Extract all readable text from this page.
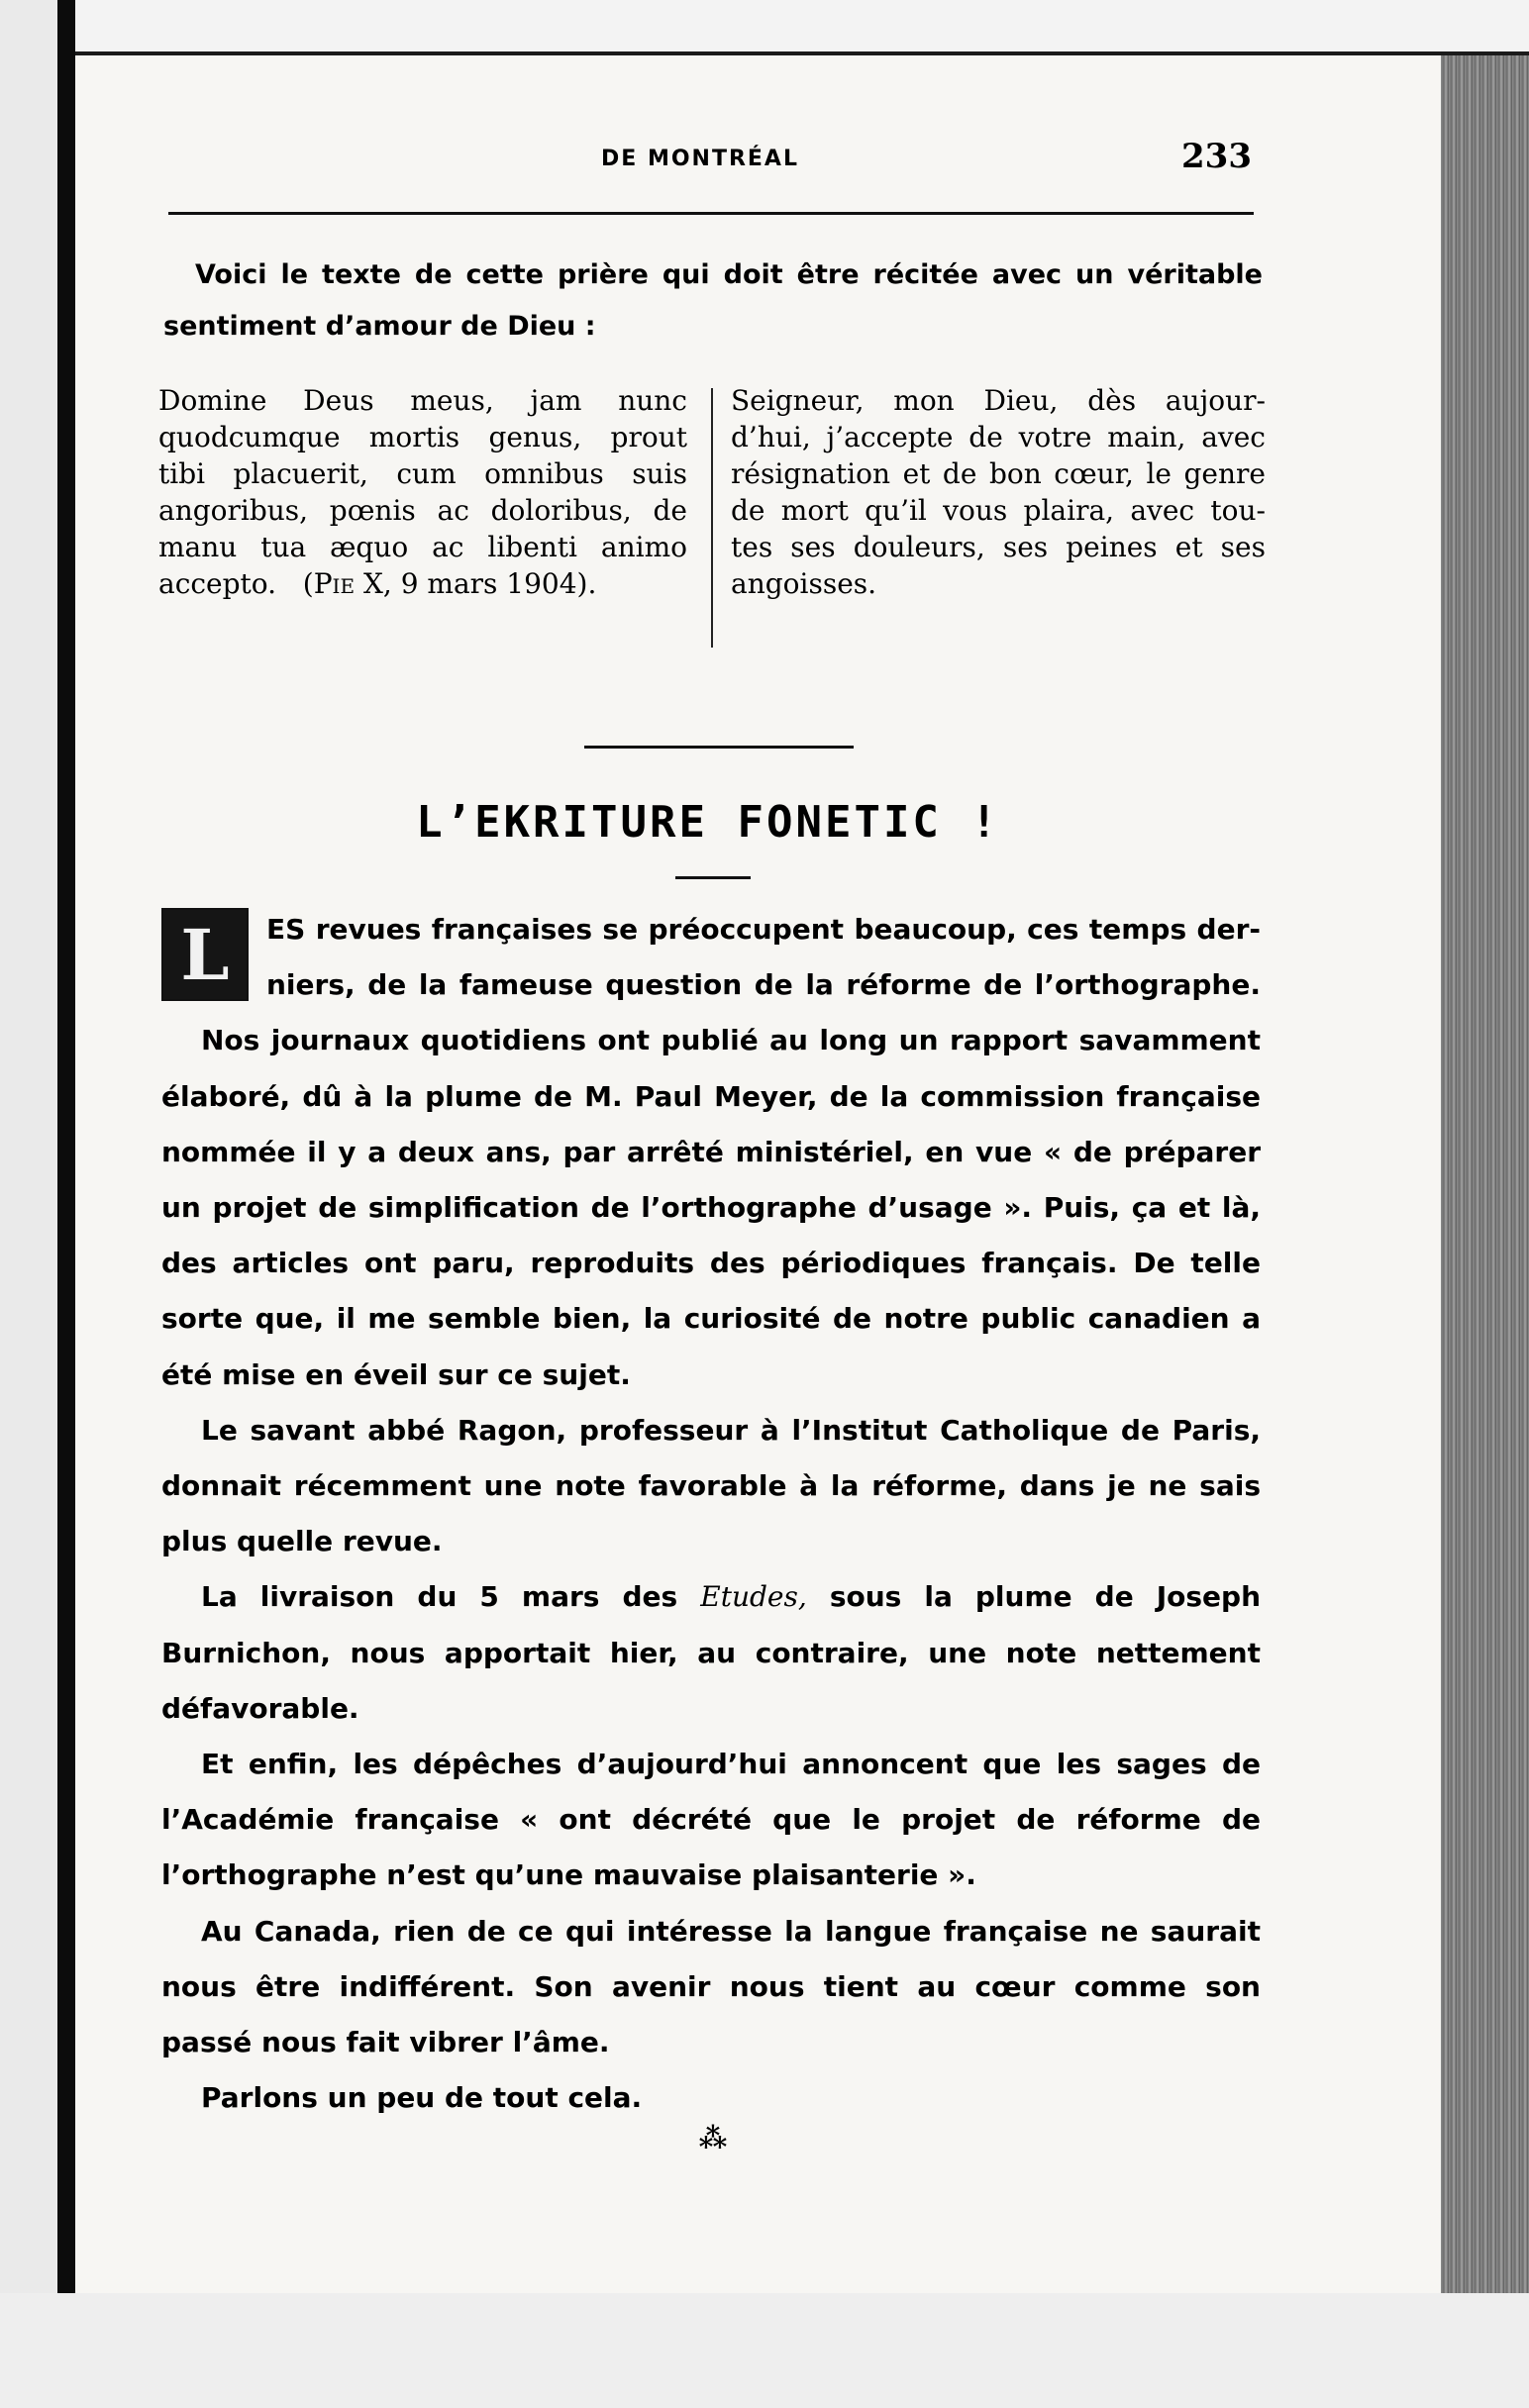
DE MONTRÉAL	233
Voici le texte de cette prière qui doit être récitée avec un véritable
sentiment d’amour de Dieu :
Domine Deus meus, jam nunc
quodcumque mortis genus, prout
tibi placuerit, cum omnibus suis
angoribus, pœnis ac doloribus, de
manu tua æquo ac libenti animo
accepto. (Pie X, 9 mars 1904).
Seigneur, mon Dieu, dès aujour-
d’hui, j’accepte de votre main, avec
résignation et de bon cœur, le genre
de mort qu’il vous plaira, avec tou-
tes ses douleurs, ses peines et ses
angoisses.
L’EKRITURE FONETIC !
L	ES revues françaises se préoccupent beaucoup, ces temps der-
niers, de la fameuse question de la réforme de l’orthographe.
Nos journaux quotidiens ont publié au long un rapport savamment élaboré, dû à la plume de M. Paul Meyer, de la commission française nommée il y a deux ans, par arrêté ministériel, en vue « de préparer un projet de simplification de l’orthographe d’usage ». Puis, ça et là, des articles ont paru, reproduits des périodiques français. De telle sorte que, il me semble bien, la curiosité de notre public canadien a été mise en éveil sur ce sujet.
Le savant abbé Ragon, professeur à l’Institut Catholique de Paris, donnait récemment une note favorable à la réforme, dans je ne sais plus quelle revue.
La livraison du 5 mars des Etudes, sous la plume de Joseph Burnichon, nous apportait hier, au contraire, une note nettement défavorable.
Et enfin, les dépêches d’aujourd’hui annoncent que les sages de l’Académie française « ont décrété que le projet de réforme de l’orthographe n’est qu’une mauvaise plaisanterie ».
Au Canada, rien de ce qui intéresse la langue française ne saurait nous être indifférent. Son avenir nous tient au cœur comme son passé nous fait vibrer l’âme.
Parlons un peu de tout cela.
⁂
